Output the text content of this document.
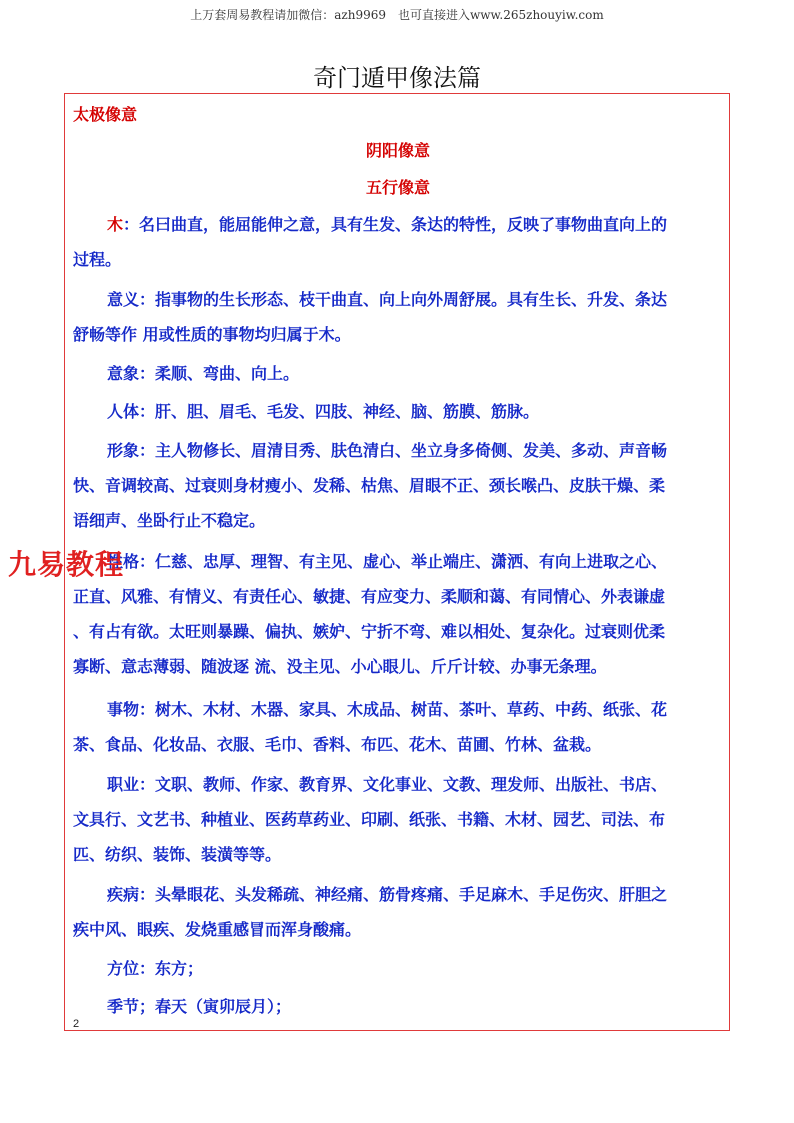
上万套周易教程请加微信：azh9969　也可直接进入www.265zhouyiw.com
奇门遁甲像法篇
太极像意
阴阳像意
五行像意
木：名曰曲直，能屈能伸之意，具有生发、条达的特性，反映了事物曲直向上的
过程。
意义：指事物的生长形态、枝干曲直、向上向外周舒展。具有生长、升发、条达
舒畅等作 用或性质的事物均归属于木。
意象：柔顺、弯曲、向上。
人体：肝、胆、眉毛、毛发、四肢、神经、脑、筋膜、筋脉。
形象：主人物修长、眉清目秀、肤色清白、坐立身多倚侧、发美、多动、声音畅
快、音调较高、过衰则身材瘦小、发稀、枯焦、眉眼不正、颈长喉凸、皮肤干燥、柔
语细声、坐卧行止不稳定。
性格：仁慈、忠厚、理智、有主见、虚心、举止端庄、潇洒、有向上进取之心、
正直、风雅、有情义、有责任心、敏捷、有应变力、柔顺和蔼、有同情心、外表谦虚
、有占有欲。太旺则暴躁、偏执、嫉妒、宁折不弯、难以相处、复杂化。过衰则优柔
寡断、意志薄弱、随波逐 流、没主见、小心眼儿、斤斤计较、办事无条理。
事物：树木、木材、木器、家具、木成品、树苗、茶叶、草药、中药、纸张、花
茶、食品、化妆品、衣服、毛巾、香料、布匹、花木、苗圃、竹林、盆栽。
职业：文职、教师、作家、教育界、文化事业、文教、理发师、出版社、书店、
文具行、文艺书、种植业、医药草药业、印刷、纸张、书籍、木材、园艺、司法、布
匹、纺织、装饰、装潢等等。
疾病：头晕眼花、头发稀疏、神经痛、筋骨疼痛、手足麻木、手足伤灾、肝胆之
疾中风、眼疾、发烧重感冒而浑身酸痛。
方位：东方；
季节；春天（寅卯辰月）；
2
九易教程
